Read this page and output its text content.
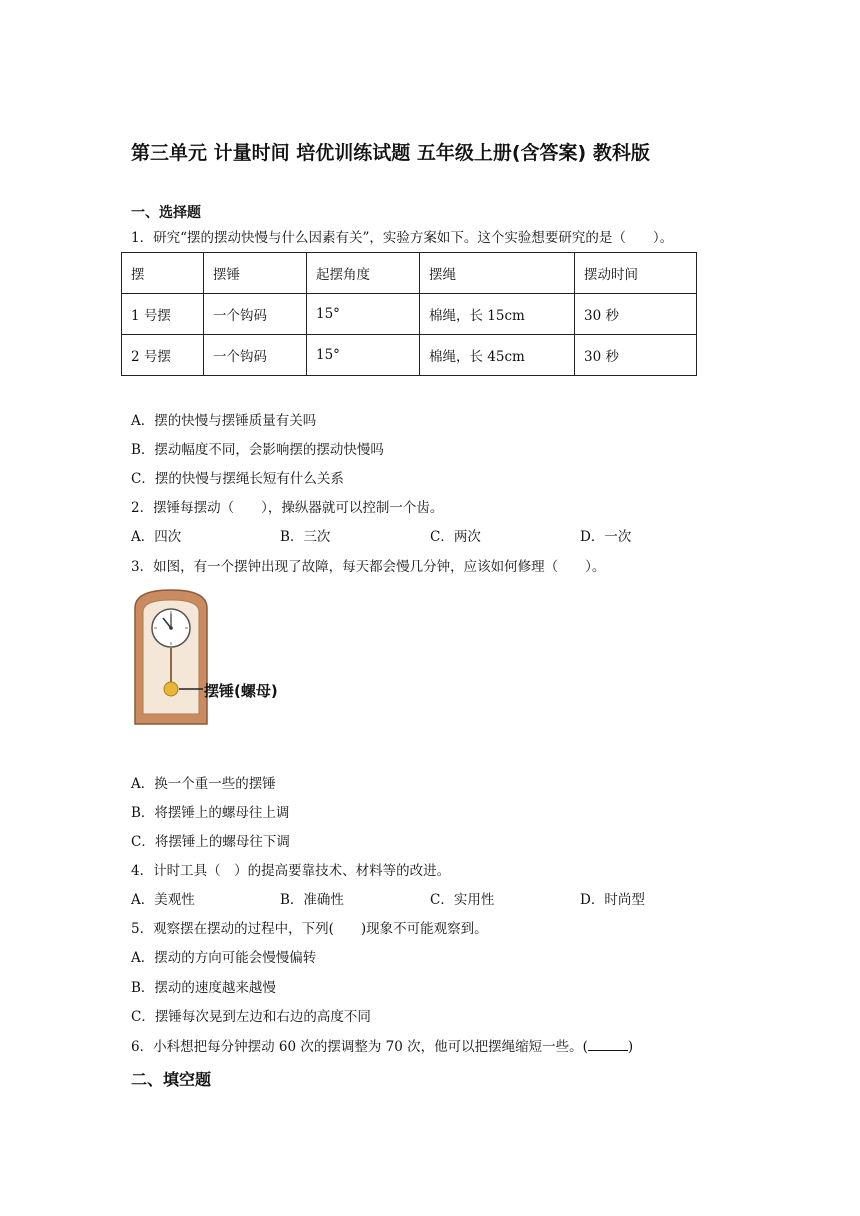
第三单元 计量时间 培优训练试题 五年级上册(含答案) 教科版
一、选择题
1．研究“摆的摆动快慢与什么因素有关”，实验方案如下。这个实验想要研究的是（　　）。
摆	摆锤	起摆角度	摆绳	摆动时间
1 号摆	一个钩码	15°	棉绳，长 15cm	30 秒
2 号摆	一个钩码	15°	棉绳，长 45cm	30 秒
A．摆的快慢与摆锤质量有关吗
B．摆动幅度不同，会影响摆的摆动快慢吗
C．摆的快慢与摆绳长短有什么关系
2．摆锤每摆动（　　），操纵器就可以控制一个齿。
A．四次	B．三次	C．两次	D．一次
3．如图，有一个摆钟出现了故障，每天都会慢几分钟，应该如何修理（　　）。
摆锤(螺母)
A．换一个重一些的摆锤
B．将摆锤上的螺母往上调
C．将摆锤上的螺母往下调
4．计时工具（　）的提高要靠技术、材料等的改进。
A．美观性	B．准确性	C．实用性	D．时尚型
5．观察摆在摆动的过程中，下列(　　)现象不可能观察到。
A．摆动的方向可能会慢慢偏转
B．摆动的速度越来越慢
C．摆锤每次晃到左边和右边的高度不同
6．小科想把每分钟摆动 60 次的摆调整为 70 次，他可以把摆绳缩短一些。(	)
二、填空题
